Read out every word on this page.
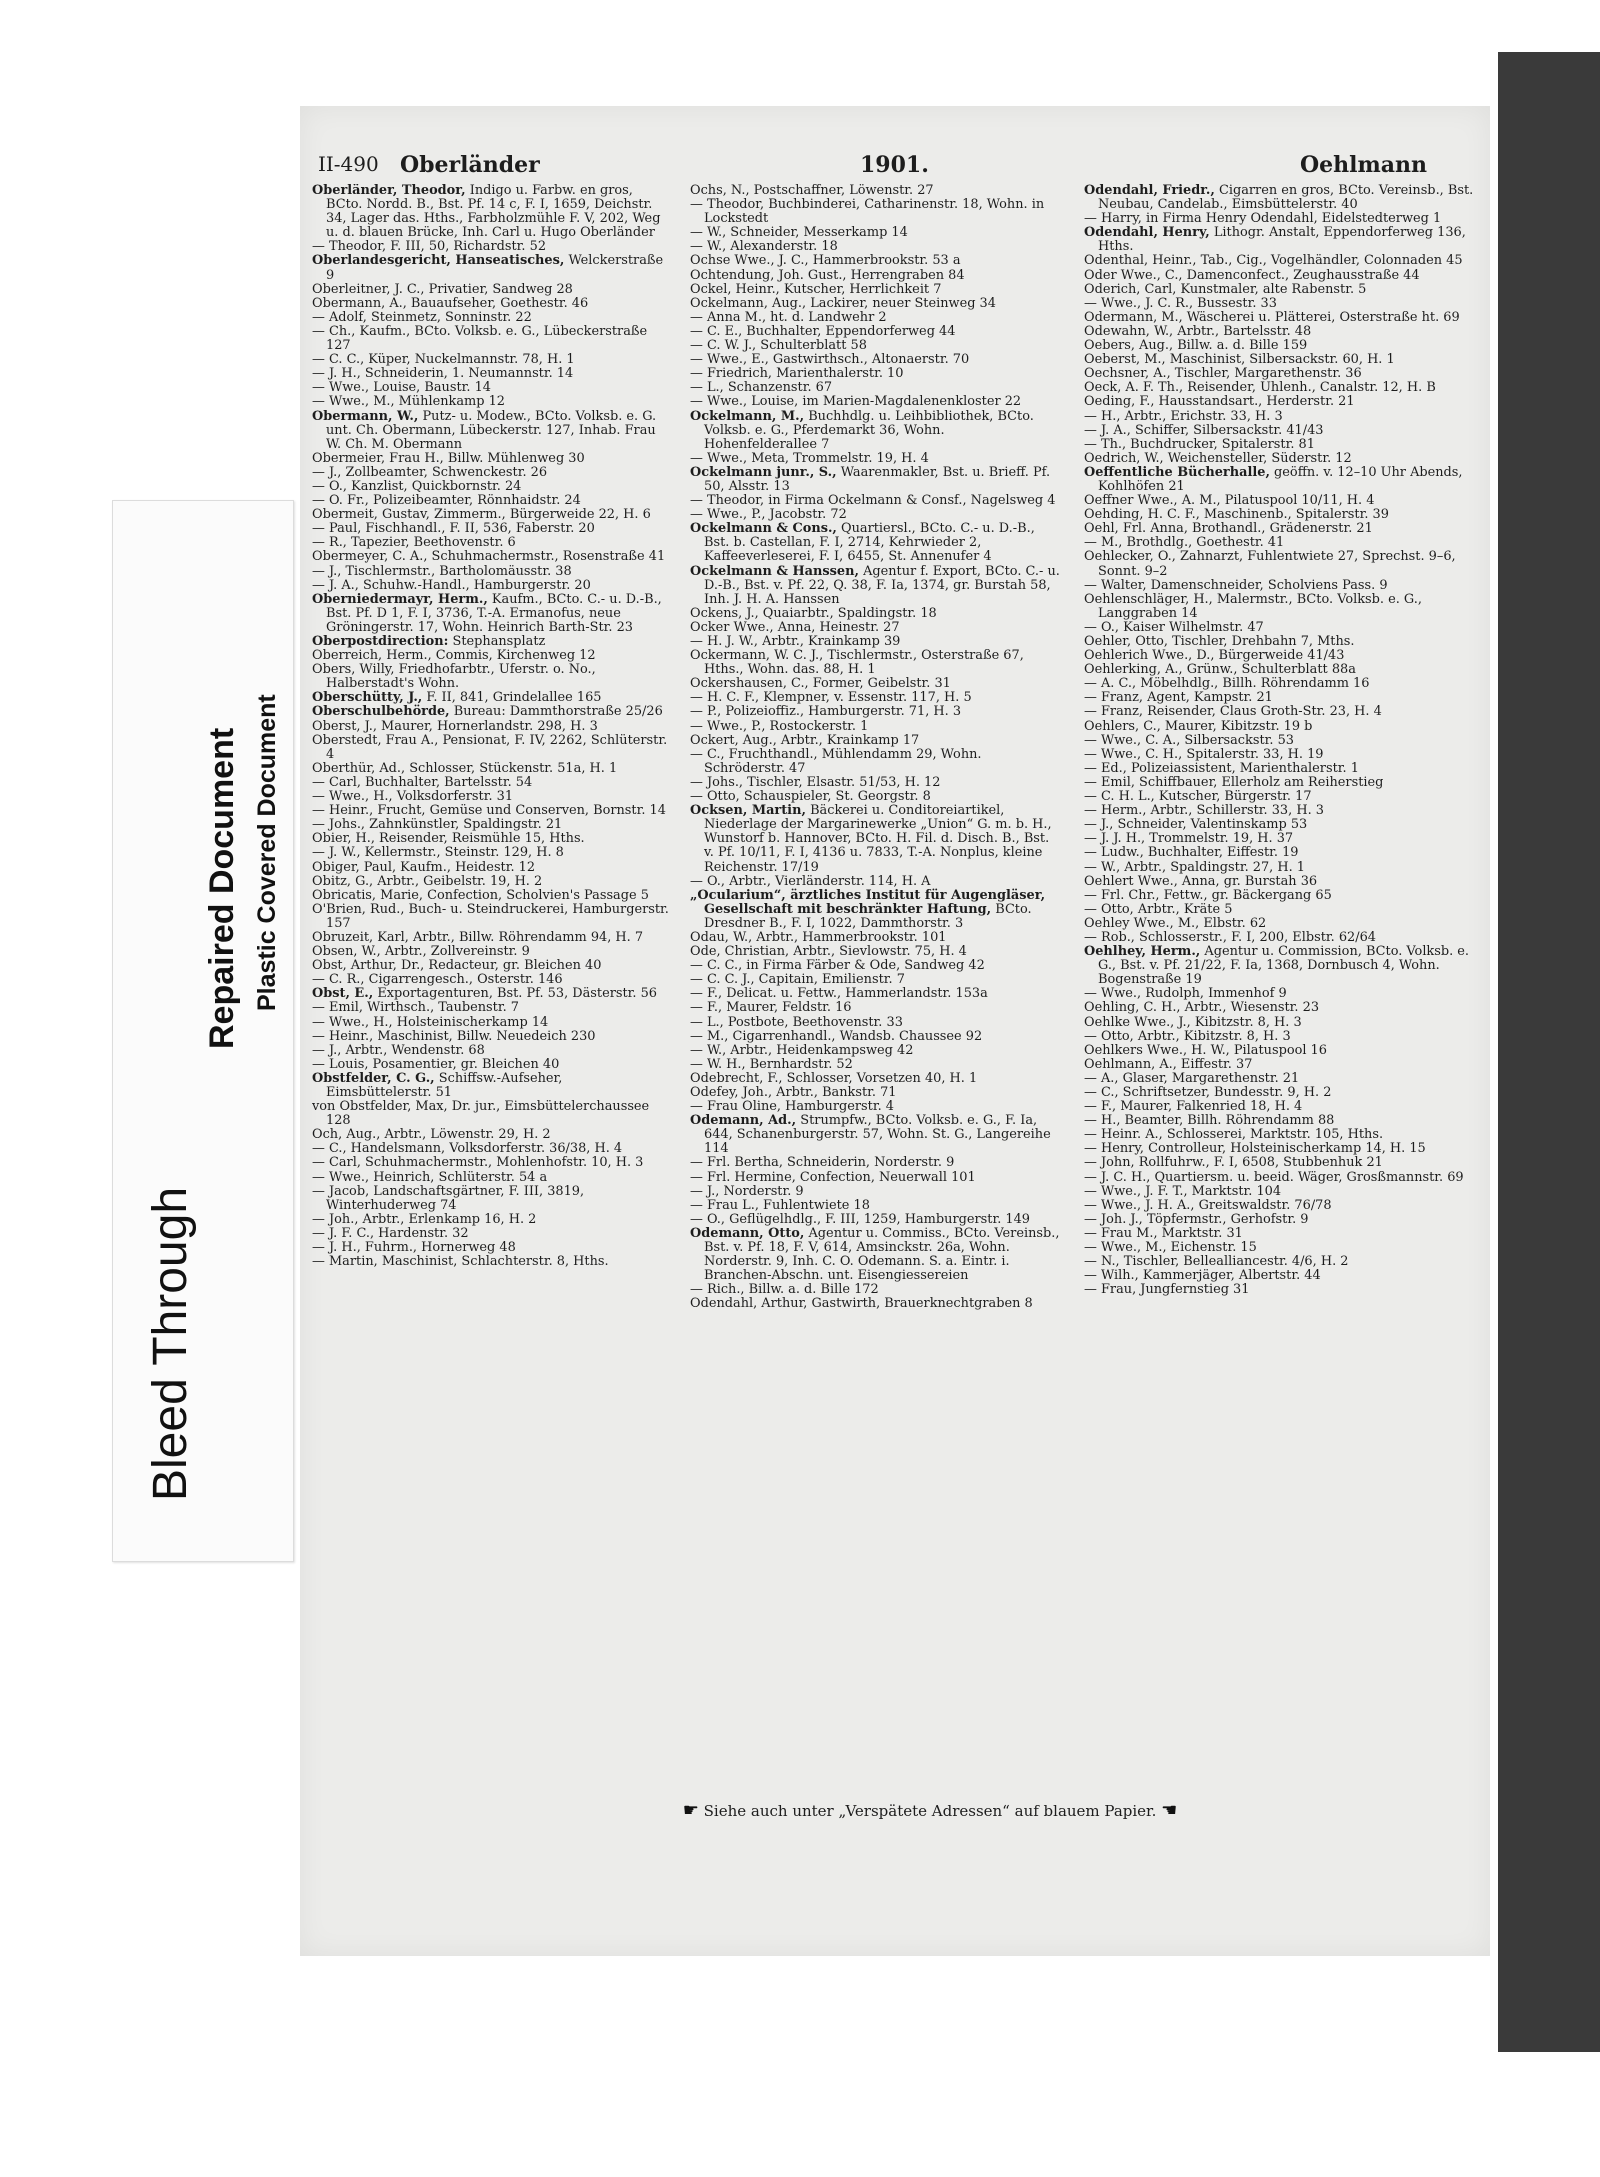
Bleed Through
Repaired Document Plastic Covered Document
II-490 Oberländer	1901.	Oehlmann

Oberländer, Theodor, Indigo u. Farbw. en gros, BCto. Nordd. B., Bst. Pf. 14 c, F. I, 1659, Deichstr. 34, Lager das. Hths., Farbholzmühle F. V, 202, Weg u. d. blauen Brücke, Inh. Carl u. Hugo Oberländer

— Theodor, F. III, 50, Richardstr. 52

Oberlandesgericht, Hanseatisches, Welckerstraße 9

Oberleitner, J. C., Privatier, Sandweg 28

Obermann, A., Bauaufseher, Goethestr. 46

— Adolf, Steinmetz, Sonninstr. 22

— Ch., Kaufm., BCto. Volksb. e. G., Lübeckerstraße 127

— C. C., Küper, Nuckelmannstr. 78, H. 1

— J. H., Schneiderin, 1. Neumannstr. 14

— Wwe., Louise, Baustr. 14

— Wwe., M., Mühlenkamp 12

Obermann, W., Putz- u. Modew., BCto. Volksb. e. G. unt. Ch. Obermann, Lübeckerstr. 127, Inhab. Frau W. Ch. M. Obermann

Obermeier, Frau H., Billw. Mühlenweg 30

— J., Zollbeamter, Schwenckestr. 26

— O., Kanzlist, Quickbornstr. 24

— O. Fr., Polizeibeamter, Rönnhaidstr. 24

Obermeit, Gustav, Zimmerm., Bürgerweide 22, H. 6

— Paul, Fischhandl., F. II, 536, Faberstr. 20

— R., Tapezier, Beethovenstr. 6

Obermeyer, C. A., Schuhmachermstr., Rosenstraße 41

— J., Tischlermstr., Bartholomäusstr. 38

— J. A., Schuhw.-Handl., Hamburgerstr. 20

Oberniedermayr, Herm., Kaufm., BCto. C.- u. D.-B., Bst. Pf. D 1, F. I, 3736, T.-A. Ermanofus, neue Gröningerstr. 17, Wohn. Heinrich Barth-Str. 23

Oberpostdirection: Stephansplatz

Oberreich, Herm., Commis, Kirchenweg 12

Obers, Willy, Friedhofarbtr., Uferstr. o. No., Halberstadt's Wohn.

Oberschütty, J., F. II, 841, Grindelallee 165

Oberschulbehörde, Bureau: Dammthorstraße 25/26

Oberst, J., Maurer, Hornerlandstr. 298, H. 3

Oberstedt, Frau A., Pensionat, F. IV, 2262, Schlüterstr. 4

Oberthür, Ad., Schlosser, Stückenstr. 51a, H. 1

— Carl, Buchhalter, Bartelsstr. 54

— Wwe., H., Volksdorferstr. 31

— Heinr., Frucht, Gemüse und Conserven, Bornstr. 14

— Johs., Zahnkünstler, Spaldingstr. 21

Obier, H., Reisender, Reismühle 15, Hths.

— J. W., Kellermstr., Steinstr. 129, H. 8

Obiger, Paul, Kaufm., Heidestr. 12

Obitz, G., Arbtr., Geibelstr. 19, H. 2

Obricatis, Marie, Confection, Scholvien's Passage 5

O'Brien, Rud., Buch- u. Steindruckerei, Hamburgerstr. 157

Obruzeit, Karl, Arbtr., Billw. Röhrendamm 94, H. 7

Obsen, W., Arbtr., Zollvereinstr. 9

Obst, Arthur, Dr., Redacteur, gr. Bleichen 40

— C. R., Cigarrengesch., Osterstr. 146

Obst, E., Exportagenturen, Bst. Pf. 53, Dästerstr. 56

— Emil, Wirthsch., Taubenstr. 7

— Wwe., H., Holsteinischerkamp 14

— Heinr., Maschinist, Billw. Neuedeich 230

— J., Arbtr., Wendenstr. 68

— Louis, Posamentier, gr. Bleichen 40

Obstfelder, C. G., Schiffsw.-Aufseher, Eimsbüttelerstr. 51

von Obstfelder, Max, Dr. jur., Eimsbüttelerchaussee 128

Och, Aug., Arbtr., Löwenstr. 29, H. 2

— C., Handelsmann, Volksdorferstr. 36/38, H. 4

— Carl, Schuhmachermstr., Mohlenhofstr. 10, H. 3

— Wwe., Heinrich, Schlüterstr. 54 a

— Jacob, Landschaftsgärtner, F. III, 3819, Winterhuderweg 74

— Joh., Arbtr., Erlenkamp 16, H. 2

— J. F. C., Hardenstr. 32

— J. H., Fuhrm., Hornerweg 48

— Martin, Maschinist, Schlachterstr. 8, Hths.

Ochs, N., Postschaffner, Löwenstr. 27

— Theodor, Buchbinderei, Catharinenstr. 18, Wohn. in Lockstedt

— W., Schneider, Messerkamp 14

— W., Alexanderstr. 18

Ochse Wwe., J. C., Hammerbrookstr. 53 a

Ochtendung, Joh. Gust., Herrengraben 84

Ockel, Heinr., Kutscher, Herrlichkeit 7

Ockelmann, Aug., Lackirer, neuer Steinweg 34

— Anna M., ht. d. Landwehr 2

— C. E., Buchhalter, Eppendorferweg 44

— C. W. J., Schulterblatt 58

— Wwe., E., Gastwirthsch., Altonaerstr. 70

— Friedrich, Marienthalerstr. 10

— L., Schanzenstr. 67

— Wwe., Louise, im Marien-Magdalenenkloster 22

Ockelmann, M., Buchhdlg. u. Leihbibliothek, BCto. Volksb. e. G., Pferdemarkt 36, Wohn. Hohenfelderallee 7

— Wwe., Meta, Trommelstr. 19, H. 4

Ockelmann junr., S., Waarenmakler, Bst. u. Brieff. Pf. 50, Alsstr. 13

— Theodor, in Firma Ockelmann & Consf., Nagelsweg 4

— Wwe., P., Jacobstr. 72

Ockelmann & Cons., Quartiersl., BCto. C.- u. D.-B., Bst. b. Castellan, F. I, 2714, Kehrwieder 2, Kaffeeverleserei, F. I, 6455, St. Annenufer 4

Ockelmann & Hanssen, Agentur f. Export, BCto. C.- u. D.-B., Bst. v. Pf. 22, Q. 38, F. Ia, 1374, gr. Burstah 58, Inh. J. H. A. Hanssen

Ockens, J., Quaiarbtr., Spaldingstr. 18

Ocker Wwe., Anna, Heinestr. 27

— H. J. W., Arbtr., Krainkamp 39

Ockermann, W. C. J., Tischlermstr., Osterstraße 67, Hths., Wohn. das. 88, H. 1

Ockershausen, C., Former, Geibelstr. 31

— H. C. F., Klempner, v. Essenstr. 117, H. 5

— P., Polizeioffiz., Hamburgerstr. 71, H. 3

— Wwe., P., Rostockerstr. 1

Ockert, Aug., Arbtr., Krainkamp 17

— C., Fruchthandl., Mühlendamm 29, Wohn. Schröderstr. 47

— Johs., Tischler, Elsastr. 51/53, H. 12

— Otto, Schauspieler, St. Georgstr. 8

Ocksen, Martin, Bäckerei u. Conditoreiartikel, Niederlage der Margarinewerke „Union“ G. m. b. H., Wunstorf b. Hannover, BCto. H. Fil. d. Disch. B., Bst. v. Pf. 10/11, F. I, 4136 u. 7833, T.-A. Nonplus, kleine Reichenstr. 17/19

— O., Arbtr., Vierländerstr. 114, H. A

„Ocularium“, ärztliches Institut für Augengläser, Gesellschaft mit beschränkter Haftung, BCto. Dresdner B., F. I, 1022, Dammthorstr. 3

Odau, W., Arbtr., Hammerbrookstr. 101

Ode, Christian, Arbtr., Sievlowstr. 75, H. 4

— C. C., in Firma Färber & Ode, Sandweg 42

— C. C. J., Capitain, Emilienstr. 7

— F., Delicat. u. Fettw., Hammerlandstr. 153a

— F., Maurer, Feldstr. 16

— L., Postbote, Beethovenstr. 33

— M., Cigarrenhandl., Wandsb. Chaussee 92

— W., Arbtr., Heidenkampsweg 42

— W. H., Bernhardstr. 52

Odebrecht, F., Schlosser, Vorsetzen 40, H. 1

Odefey, Joh., Arbtr., Bankstr. 71

— Frau Oline, Hamburgerstr. 4

Odemann, Ad., Strumpfw., BCto. Volksb. e. G., F. Ia, 644, Schanenburgerstr. 57, Wohn. St. G., Langereihe 114

— Frl. Bertha, Schneiderin, Norderstr. 9

— Frl. Hermine, Confection, Neuerwall 101

— J., Norderstr. 9

— Frau L., Fuhlentwiete 18

— O., Geflügelhdlg., F. III, 1259, Hamburgerstr. 149

Odemann, Otto, Agentur u. Commiss., BCto. Vereinsb., Bst. v. Pf. 18, F. V, 614, Amsinckstr. 26a, Wohn. Norderstr. 9, Inh. C. O. Odemann. S. a. Eintr. i. Branchen-Abschn. unt. Eisengiessereien

— Rich., Billw. a. d. Bille 172

Odendahl, Arthur, Gastwirth, Brauerknechtgraben 8

Odendahl, Friedr., Cigarren en gros, BCto. Vereinsb., Bst. Neubau, Candelab., Eimsbüttelerstr. 40

— Harry, in Firma Henry Odendahl, Eidelstedterweg 1

Odendahl, Henry, Lithogr. Anstalt, Eppendorferweg 136, Hths.

Odenthal, Heinr., Tab., Cig., Vogelhändler, Colonnaden 45

Oder Wwe., C., Damenconfect., Zeughausstraße 44

Oderich, Carl, Kunstmaler, alte Rabenstr. 5

— Wwe., J. C. R., Bussestr. 33

Odermann, M., Wäscherei u. Plätterei, Osterstraße ht. 69

Odewahn, W., Arbtr., Bartelsstr. 48

Oebers, Aug., Billw. a. d. Bille 159

Oeberst, M., Maschinist, Silbersackstr. 60, H. 1

Oechsner, A., Tischler, Margarethenstr. 36

Oeck, A. F. Th., Reisender, Uhlenh., Canalstr. 12, H. B

Oeding, F., Hausstandsart., Herderstr. 21

— H., Arbtr., Erichstr. 33, H. 3

— J. A., Schiffer, Silbersackstr. 41/43

— Th., Buchdrucker, Spitalerstr. 81

Oedrich, W., Weichensteller, Süderstr. 12

Oeffentliche Bücherhalle, geöffn. v. 12–10 Uhr Abends, Kohlhöfen 21

Oeffner Wwe., A. M., Pilatuspool 10/11, H. 4

Oehding, H. C. F., Maschinenb., Spitalerstr. 39

Oehl, Frl. Anna, Brothandl., Grädenerstr. 21

— M., Brothdlg., Goethestr. 41

Oehlecker, O., Zahnarzt, Fuhlentwiete 27, Sprechst. 9–6, Sonnt. 9–2

— Walter, Damenschneider, Scholviens Pass. 9

Oehlenschläger, H., Malermstr., BCto. Volksb. e. G., Langgraben 14

— O., Kaiser Wilhelmstr. 47

Oehler, Otto, Tischler, Drehbahn 7, Mths.

Oehlerich Wwe., D., Bürgerweide 41/43

Oehlerking, A., Grünw., Schulterblatt 88a

— A. C., Möbelhdlg., Billh. Röhrendamm 16

— Franz, Agent, Kampstr. 21

— Franz, Reisender, Claus Groth-Str. 23, H. 4

Oehlers, C., Maurer, Kibitzstr. 19 b

— Wwe., C. A., Silbersackstr. 53

— Wwe., C. H., Spitalerstr. 33, H. 19

— Ed., Polizeiassistent, Marienthalerstr. 1

— Emil, Schiffbauer, Ellerholz am Reiherstieg

— C. H. L., Kutscher, Bürgerstr. 17

— Herm., Arbtr., Schillerstr. 33, H. 3

— J., Schneider, Valentinskamp 53

— J. J. H., Trommelstr. 19, H. 37

— Ludw., Buchhalter, Eiffestr. 19

— W., Arbtr., Spaldingstr. 27, H. 1

Oehlert Wwe., Anna, gr. Burstah 36

— Frl. Chr., Fettw., gr. Bäckergang 65

— Otto, Arbtr., Kräte 5

Oehley Wwe., M., Elbstr. 62

— Rob., Schlosserstr., F. I, 200, Elbstr. 62/64

Oehlhey, Herm., Agentur u. Commission, BCto. Volksb. e. G., Bst. v. Pf. 21/22, F. Ia, 1368, Dornbusch 4, Wohn. Bogenstraße 19

— Wwe., Rudolph, Immenhof 9

Oehling, C. H., Arbtr., Wiesenstr. 23

Oehlke Wwe., J., Kibitzstr. 8, H. 3

— Otto, Arbtr., Kibitzstr. 8, H. 3

Oehlkers Wwe., H. W., Pilatuspool 16

Oehlmann, A., Eiffestr. 37

— A., Glaser, Margarethenstr. 21

— C., Schriftsetzer, Bundesstr. 9, H. 2

— F., Maurer, Falkenried 18, H. 4

— H., Beamter, Billh. Röhrendamm 88

— Heinr. A., Schlosserei, Marktstr. 105, Hths.

— Henry, Controlleur, Holsteinischerkamp 14, H. 15

— John, Rollfuhrw., F. I, 6508, Stubbenhuk 21

— J. C. H., Quartiersm. u. beeid. Wäger, Grosßmannstr. 69

— Wwe., J. F. T., Marktstr. 104

— Wwe., J. H. A., Greitswaldstr. 76/78

— Joh. J., Töpfermstr., Gerhofstr. 9

— Frau M., Marktstr. 31

— Wwe., M., Eichenstr. 15

— N., Tischler, Bellealliancestr. 4/6, H. 2

— Wilh., Kammerjäger, Albertstr. 44

— Frau, Jungfernstieg 31

☛ Siehe auch unter „Verspätete Adressen“ auf blauem Papier. ☚
